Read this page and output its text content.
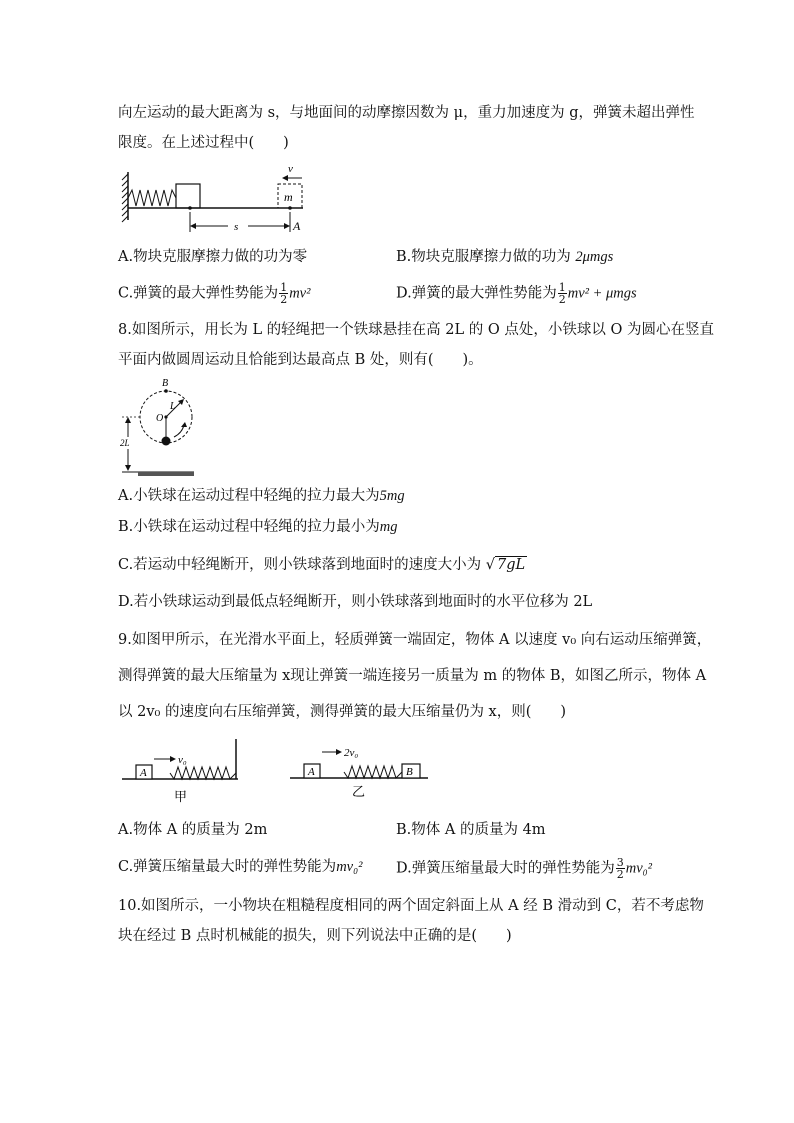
向左运动的最大距离为 s，与地面间的动摩擦因数为 μ，重力加速度为 g，弹簧未超出弹性
限度。在上述过程中(　　)
m
v
s	A
A.物块克服摩擦力做的功为零	B.物块克服摩擦力做的功为 2μmgs
C.弹簧的最大弹性势能为 $\frac{1}{2} mv^2$	D.弹簧的最大弹性势能为 $\frac{1}{2} mv^2 + \mu mgs$
8.如图所示，用长为 L 的轻绳把一个铁球悬挂在高 2L 的 O 点处，小铁球以 O 为圆心在竖直
平面内做圆周运动且恰能到达最高点 B 处，则有(　　)。
B
O
L
2L
A.小铁球在运动过程中轻绳的拉力最大为5mg
B.小铁球在运动过程中轻绳的拉力最小为mg
C.若运动中轻绳断开，则小铁球落到地面时的速度大小为 √ 7gL
D.若小铁球运动到最低点轻绳断开，则小铁球落到地面时的水平位移为 2L
9.如图甲所示，在光滑水平面上，轻质弹簧一端固定，物体 A 以速度 v₀ 向右运动压缩弹簧，
测得弹簧的最大压缩量为 x现让弹簧一端连接另一质量为 m 的物体 B，如图乙所示，物体 A
以 2v₀ 的速度向右压缩弹簧，测得弹簧的最大压缩量仍为 x，则(　　)
A
v₀
甲
A
2v₀
B
乙
A.物体 A 的质量为 2m	B.物体 A 的质量为 4m
C.弹簧压缩量最大时的弹性势能为mv₀² D.弹簧压缩量最大时的弹性势能为 $\frac{3}{2} mv_0^2$
10.如图所示，一小物块在粗糙程度相同的两个固定斜面上从 A 经 B 滑动到 C，若不考虑物
块在经过 B 点时机械能的损失，则下列说法中正确的是(　　)
